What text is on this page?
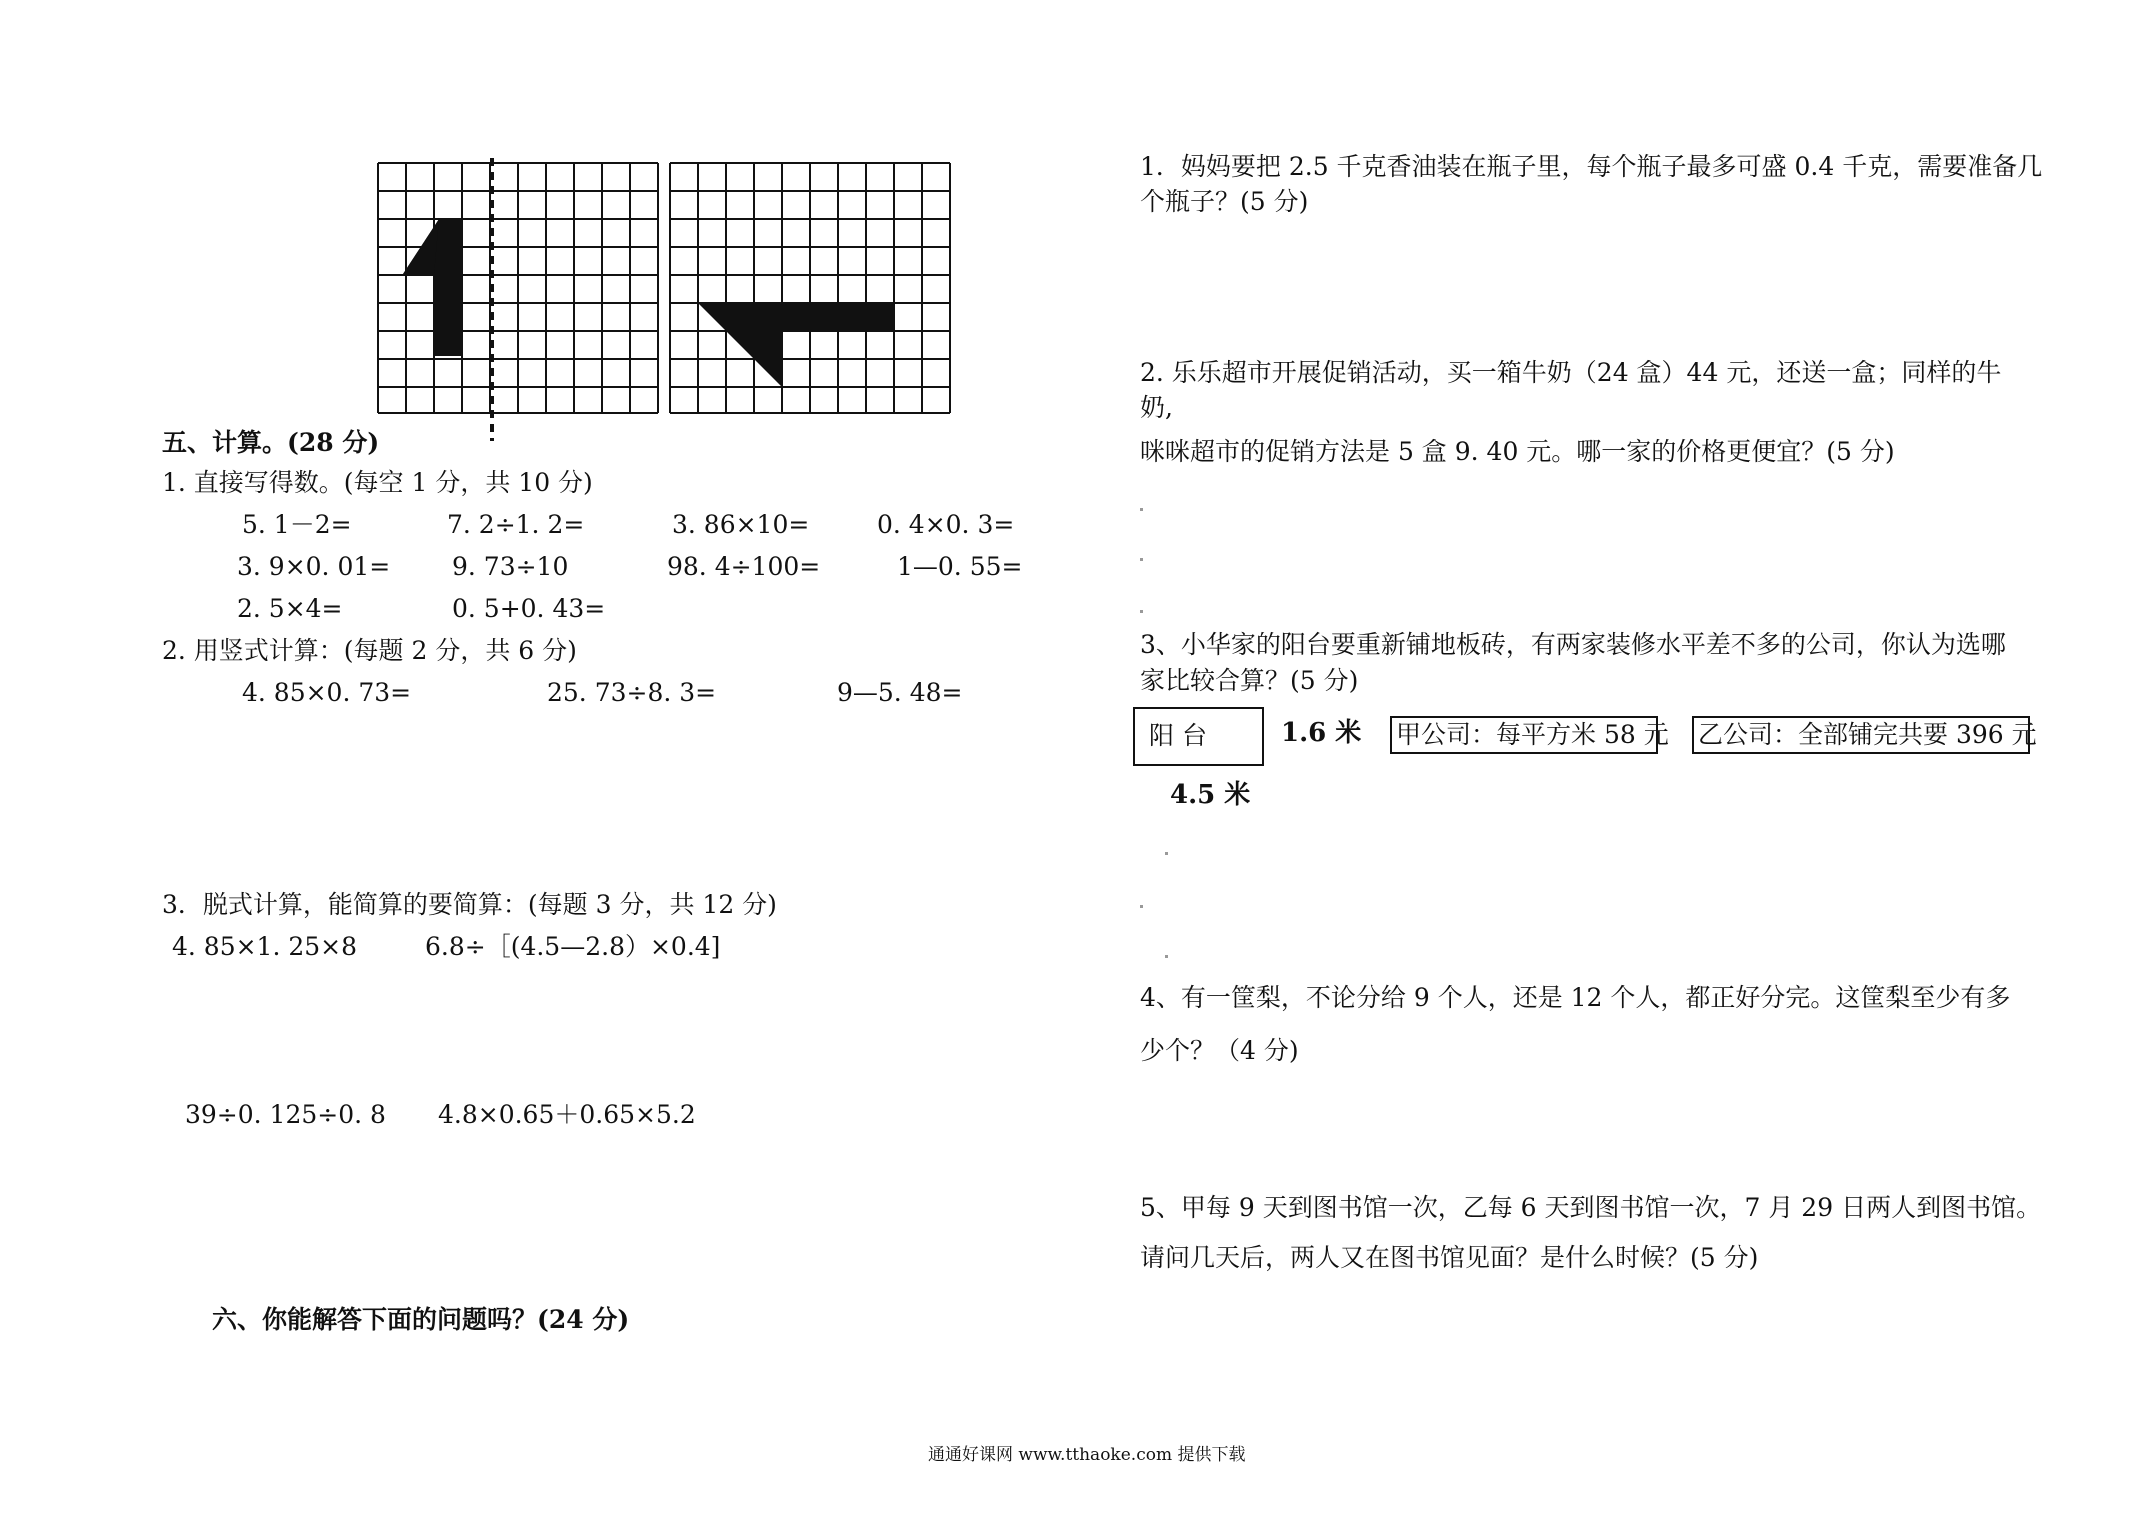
五、计算。(28 分)
1. 直接写得数。(每空 1 分，共 10 分)
5. 1－2=	7. 2÷1. 2=	3. 86×10=	0. 4×0. 3=
3. 9×0. 01= 9. 73÷10	98. 4÷100=	1—0. 55=
2. 5×4=	0. 5+0. 43=
2. 用竖式计算：(每题 2 分，共 6 分)
4. 85×0. 73=	25. 73÷8. 3=	9—5. 48=
3．脱式计算，能简算的要简算：(每题 3 分，共 12 分)
4. 85×1. 25×8	6.8÷［(4.5—2.8）×0.4]
39÷0. 125÷0. 8 4.8×0.65＋0.65×5.2
六、你能解答下面的问题吗？(24 分)
1．妈妈要把 2.5 千克香油装在瓶子里，每个瓶子最多可盛 0.4 千克，需要准备几
个瓶子？(5 分)
2. 乐乐超市开展促销活动，买一箱牛奶（24 盒）44 元，还送一盒；同样的牛
奶,
咪咪超市的促销方法是 5 盒 9. 40 元。哪一家的价格更便宜？(5 分)
3、小华家的阳台要重新铺地板砖，有两家装修水平差不多的公司，你认为选哪
家比较合算？(5 分)
阳 台	1.6 米 甲公司：每平方米 58 元 乙公司：全部铺完共要 396 元
4.5 米
4、有一筐梨，不论分给 9 个人，还是 12 个人，都正好分完。这筐梨至少有多
少个？（4 分)
5、甲每 9 天到图书馆一次，乙每 6 天到图书馆一次，7 月 29 日两人到图书馆。
请问几天后，两人又在图书馆见面？是什么时候？(5 分)
通通好课网 www.tthaoke.com 提供下载
